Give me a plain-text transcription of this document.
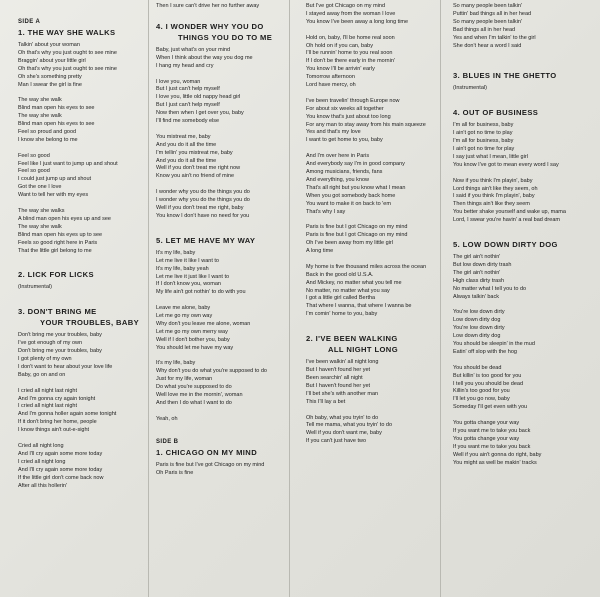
SIDE A
1. THE WAY SHE WALKS
Talkin' about your woman
Oh that's why you just ought to see mine
Braggin' about your little girl
Oh that's why you just ought to see mine
Oh she's something pretty
Man I swear the girl is fine
The way she walk
Blind man open his eyes to see
The way she walk
Blind man open his eyes to see
Feel so proud and good
I know she belong to me
Feel so good
Feel like I just want to jump up and shout
Feel so good
I could just jump up and shout
Got the one I love
Want to tell her with my eyes
The way she walks
A blind man open his eyes up and see
The way she walk
Blind man open his eyes up to see
Feels so good right here in Paris
That the little girl belong to me
2. LICK FOR LICKS
(Instrumental)
3. DON'T BRING ME
YOUR TROUBLES, BABY
Don't bring me your troubles, baby
I've got enough of my own
Don't bring me your troubles, baby
I got plenty of my own
I don't want to hear about your love life
Baby, go on and on
I cried all night last night
And I'm gonna cry again tonight
I cried all night last night
And I'm gonna holler again some tonight
If it don't bring her home, people
I know things ain't out-e-sight
Cried all night long
And I'll cry again some more today
I cried all night long
And I'll cry again some more today
If the little girl don't come back now
After all this hollerin'
Then I sure can't drive her no further away
4. I WONDER WHY YOU DO
THINGS YOU DO TO ME
Baby, just what's on your mind
When I think about the way you dog me
I hang my head and cry
I love you, woman
But I just can't help myself
I love you, little old nappy head girl
But I just can't help myself
Now then when I get over you, baby
I'll find me somebody else
You mistreat me, baby
And you do it all the time
I'm tellin' you mistreat me, baby
And you do it all the time
Well if you don't treat me right now
Know you ain't no friend of mine
I wonder why you do the things you do
I wonder why you do the things you do
Well if you don't treat me right, baby
You know I don't have no need for you
5. LET ME HAVE MY WAY
It's my life, baby
Let me live it like I want to
It's my life, baby yeah
Let me live it just like I want to
If I don't know you, woman
My life ain't got nothin' to do with you
Leave me alone, baby
Let me go my own way
Why don't you leave me alone, woman
Let me go my own merry way
Well if I don't bother you, baby
You should let me have my way
It's my life, baby
Why don't you do what you're supposed to do
Just for my life, woman
Do what you're supposed to do
Well love me in the mornin', woman
And then I do what I want to do
Yeah, oh
SIDE B
1. CHICAGO ON MY MIND
Paris is fine but I've got Chicago on my mind
Oh Paris is fine
But I've got Chicago on my mind
I stayed away from the woman I love
You know I've been away a long long time
Hold on, baby, I'll be home real soon
Oh hold on if you can, baby
I'll be runnin' home to you real soon
If I don't be there early in the mornin'
You know I'll be arrivin' early
Tomorrow afternoon
Lord have mercy, oh
I've been travelin' through Europe now
For about six weeks all together
You know that's just about too long
For any man to stay away from his main squeeze
Yes and that's my love
I want to get home to you, baby
And I'm over here in Paris
And everybody say I'm in good company
Among musicians, friends, fans
And everything, you know
That's all right but you know what I mean
When you got somebody back home
You want to make it on back to 'em
That's why I say
Paris is fine but I got Chicago on my mind
Paris is fine but I got Chicago on my mind
Oh I've been away from my little girl
A long time
My home is five thousand miles across the ocean
Back in the good old U.S.A.
And Mickey, no matter what you tell me
No matter, no matter what you say
I got a little girl called Bertha
That where I wanna, that where I wanna be
I'm comin' home to you, baby
2. I'VE BEEN WALKING
ALL NIGHT LONG
I've been walkin' all night long
But I haven't found her yet
Been searchin' all night
But I haven't found her yet
I'll bet she's with another man
This I'll lay a bet
Oh baby, what you tryin' to do
Tell me mama, what you tryin' to do
Well if you don't want me, baby
If you can't just have two
So many people been talkin'
Puttin' bad things all in her head
So many people been talkin'
Bad things all in her head
Yes and when I'm talkin' to the girl
She don't hear a word I said
3. BLUES IN THE GHETTO
(Instrumental)
4. OUT OF BUSINESS
I'm all for business, baby
I ain't got no time to play
I'm all for business, baby
I ain't got no time for play
I say just what I mean, little girl
You know I've got to mean every word I say
Now if you think I'm playin', baby
Lord things ain't like they seem, oh
I said if you think I'm playin', baby
Then things ain't like they seem
You better shake yourself and wake up, mama
Lord, I swear you're havin' a real bad dream
5. LOW DOWN DIRTY DOG
The girl ain't nothin'
But low down dirty trash
The girl ain't nothin'
High class dirty trash
No matter what I tell you to do
Always talkin' back
You're low down dirty
Low down dirty dog
You're low down dirty
Low down dirty dog
You should be sleepin' in the mud
Eatin' off slop with the hog
You should be dead
But killin' is too good for you
I tell you you should be dead
Killin's too good for you
I'll let you go now, baby
Someday I'll get even with you
You gotta change your way
If you want me to take you back
You gotta change your way
If you want me to take you back
Well if you ain't gonna do right, baby
You might as well be makin' tracks
